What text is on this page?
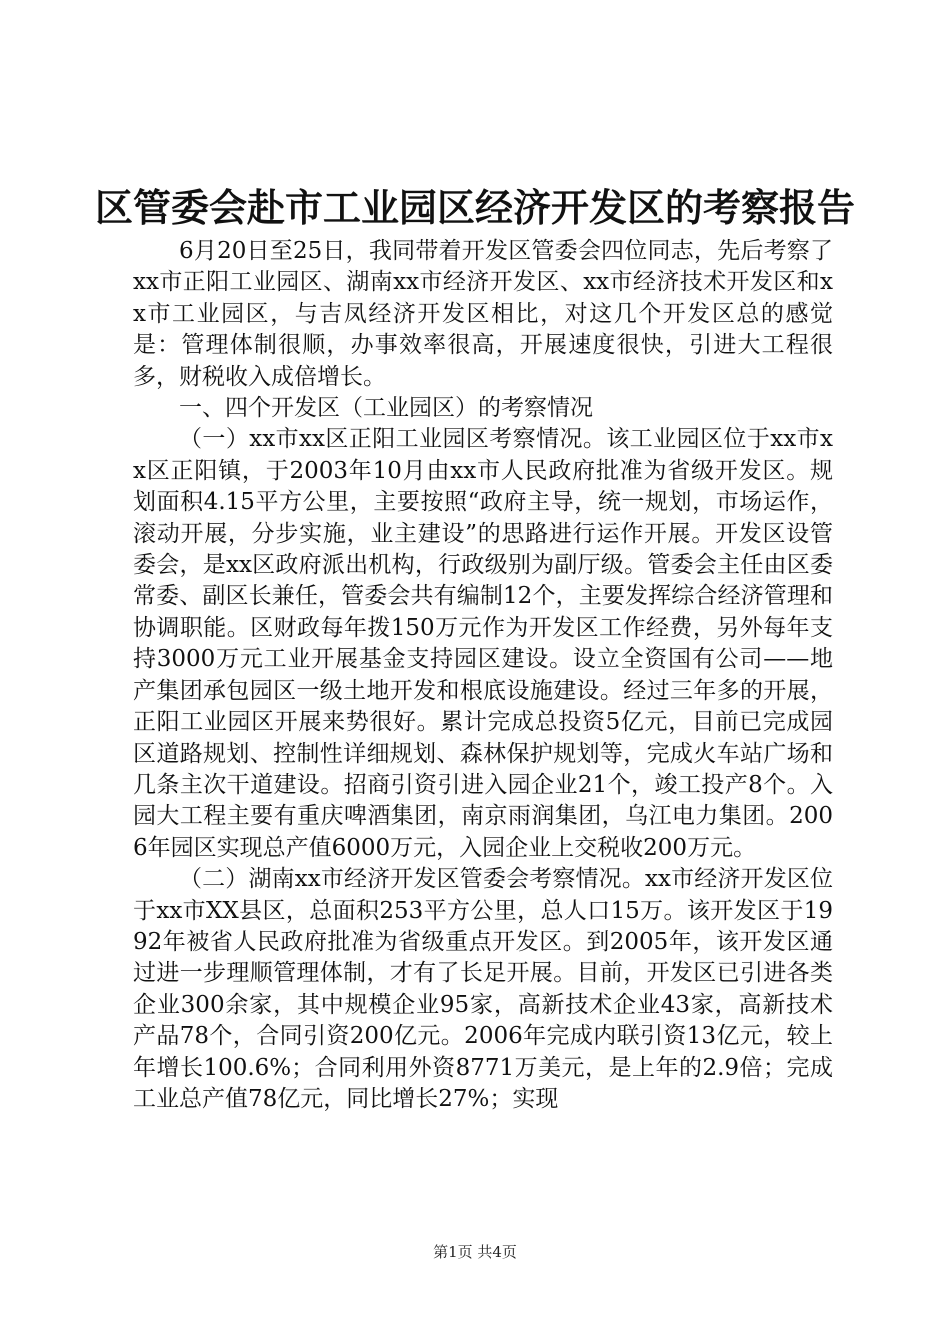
区管委会赴市工业园区经济开发区的考察报告

6月20日至25日，我同带着开发区管委会四位同志，先后考察了xx市正阳工业园区、湖南xx市经济开发区、xx市经济技术开发区和xx市工业园区，与吉凤经济开发区相比，对这几个开发区总的感觉是：管理体制很顺，办事效率很高，开展速度很快，引进大工程很多，财税收入成倍增长。

一、四个开发区（工业园区）的考察情况

（一）xx市xx区正阳工业园区考察情况。该工业园区位于xx市xx区正阳镇，于2003年10月由xx市人民政府批准为省级开发区。规划面积4.15平方公里，主要按照“政府主导，统一规划，市场运作，滚动开展，分步实施，业主建设”的思路进行运作开展。开发区设管委会，是xx区政府派出机构，行政级别为副厅级。管委会主任由区委常委、副区长兼任，管委会共有编制12个，主要发挥综合经济管理和协调职能。区财政每年拨150万元作为开发区工作经费，另外每年支持3000万元工业开展基金支持园区建设。设立全资国有公司——地产集团承包园区一级土地开发和根底设施建设。经过三年多的开展，正阳工业园区开展来势很好。累计完成总投资5亿元，目前已完成园区道路规划、控制性详细规划、森林保护规划等，完成火车站广场和几条主次干道建设。招商引资引进入园企业21个，竣工投产8个。入园大工程主要有重庆啤酒集团，南京雨润集团，乌江电力集团。2006年园区实现总产值6000万元，入园企业上交税收200万元。

（二）湖南xx市经济开发区管委会考察情况。xx市经济开发区位于xx市XX县区，总面积253平方公里，总人口15万。该开发区于1992年被省人民政府批准为省级重点开发区。到2005年，该开发区通过进一步理顺管理体制，才有了长足开展。目前，开发区已引进各类企业300余家，其中规模企业95家，高新技术企业43家，高新技术产品78个，合同引资200亿元。2006年完成内联引资13亿元，较上年增长100.6%；合同利用外资8771万美元，是上年的2.9倍；完成工业总产值78亿元，同比增长27%；实现

第1页 共4页
